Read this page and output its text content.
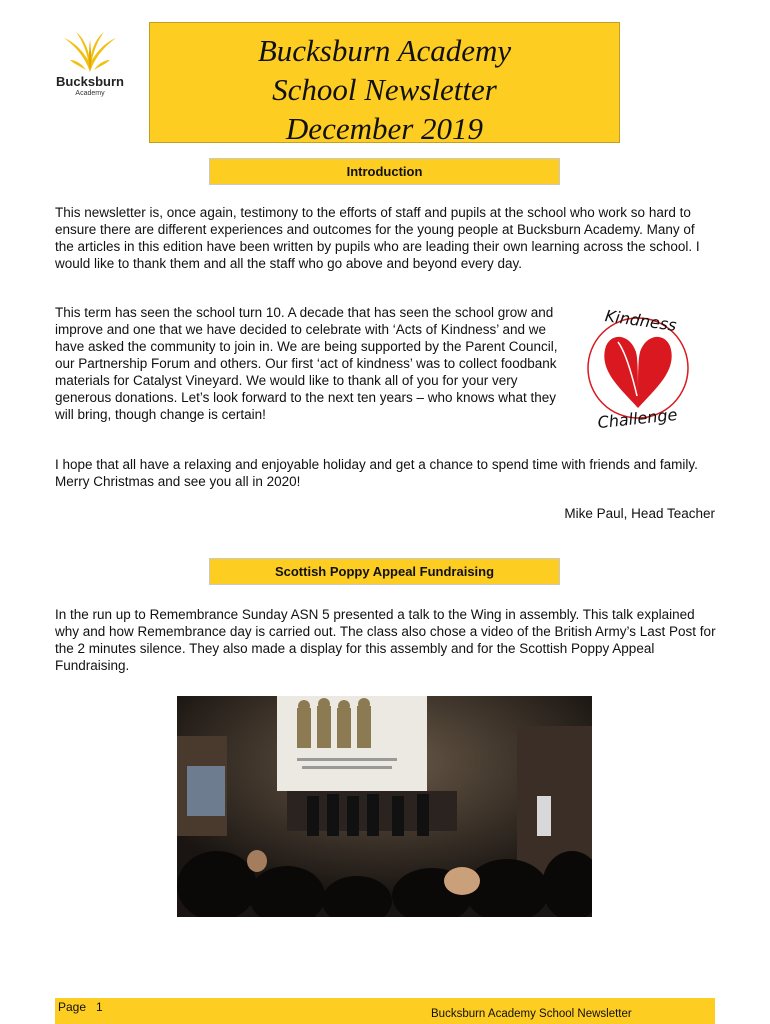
Bucksburn
Academy
Bucksburn Academy
School Newsletter
December 2019
Introduction

This newsletter is, once again, testimony to the efforts of staff and pupils at the school who work so hard to ensure there are different experiences and outcomes for the young people at Bucksburn Academy. Many of the articles in this edition have been written by pupils who are leading their own learning across the school. I would like to thank them and all the staff who go above and beyond every day.

This term has seen the school turn 10. A decade that has seen the school grow and improve and one that we have decided to celebrate with ‘Acts of Kindness’ and we have asked the community to join in. We are being supported by the Parent Council, our Partnership Forum and others. Our first ‘act of kindness’ was to collect foodbank materials for Catalyst Vineyard. We would like to thank all of you for your very generous donations. Let’s look forward to the next ten years – who knows what they will bring, though change is certain!

Kindness
Challenge

I hope that all have a relaxing and enjoyable holiday and get a chance to spend time with friends and family. Merry Christmas and see you all in 2020!

Mike Paul, Head Teacher
Scottish Poppy Appeal Fundraising

In the run up to Remembrance Sunday ASN 5 presented a talk to the Wing in assembly. This talk explained why and how Remembrance day is carried out. The class also chose a video of the British Army’s Last Post for the 2 minutes silence. They also made a display for this assembly and for the Scottish Poppy Appeal Fundraising.

Page 1	Bucksburn Academy School Newsletter
